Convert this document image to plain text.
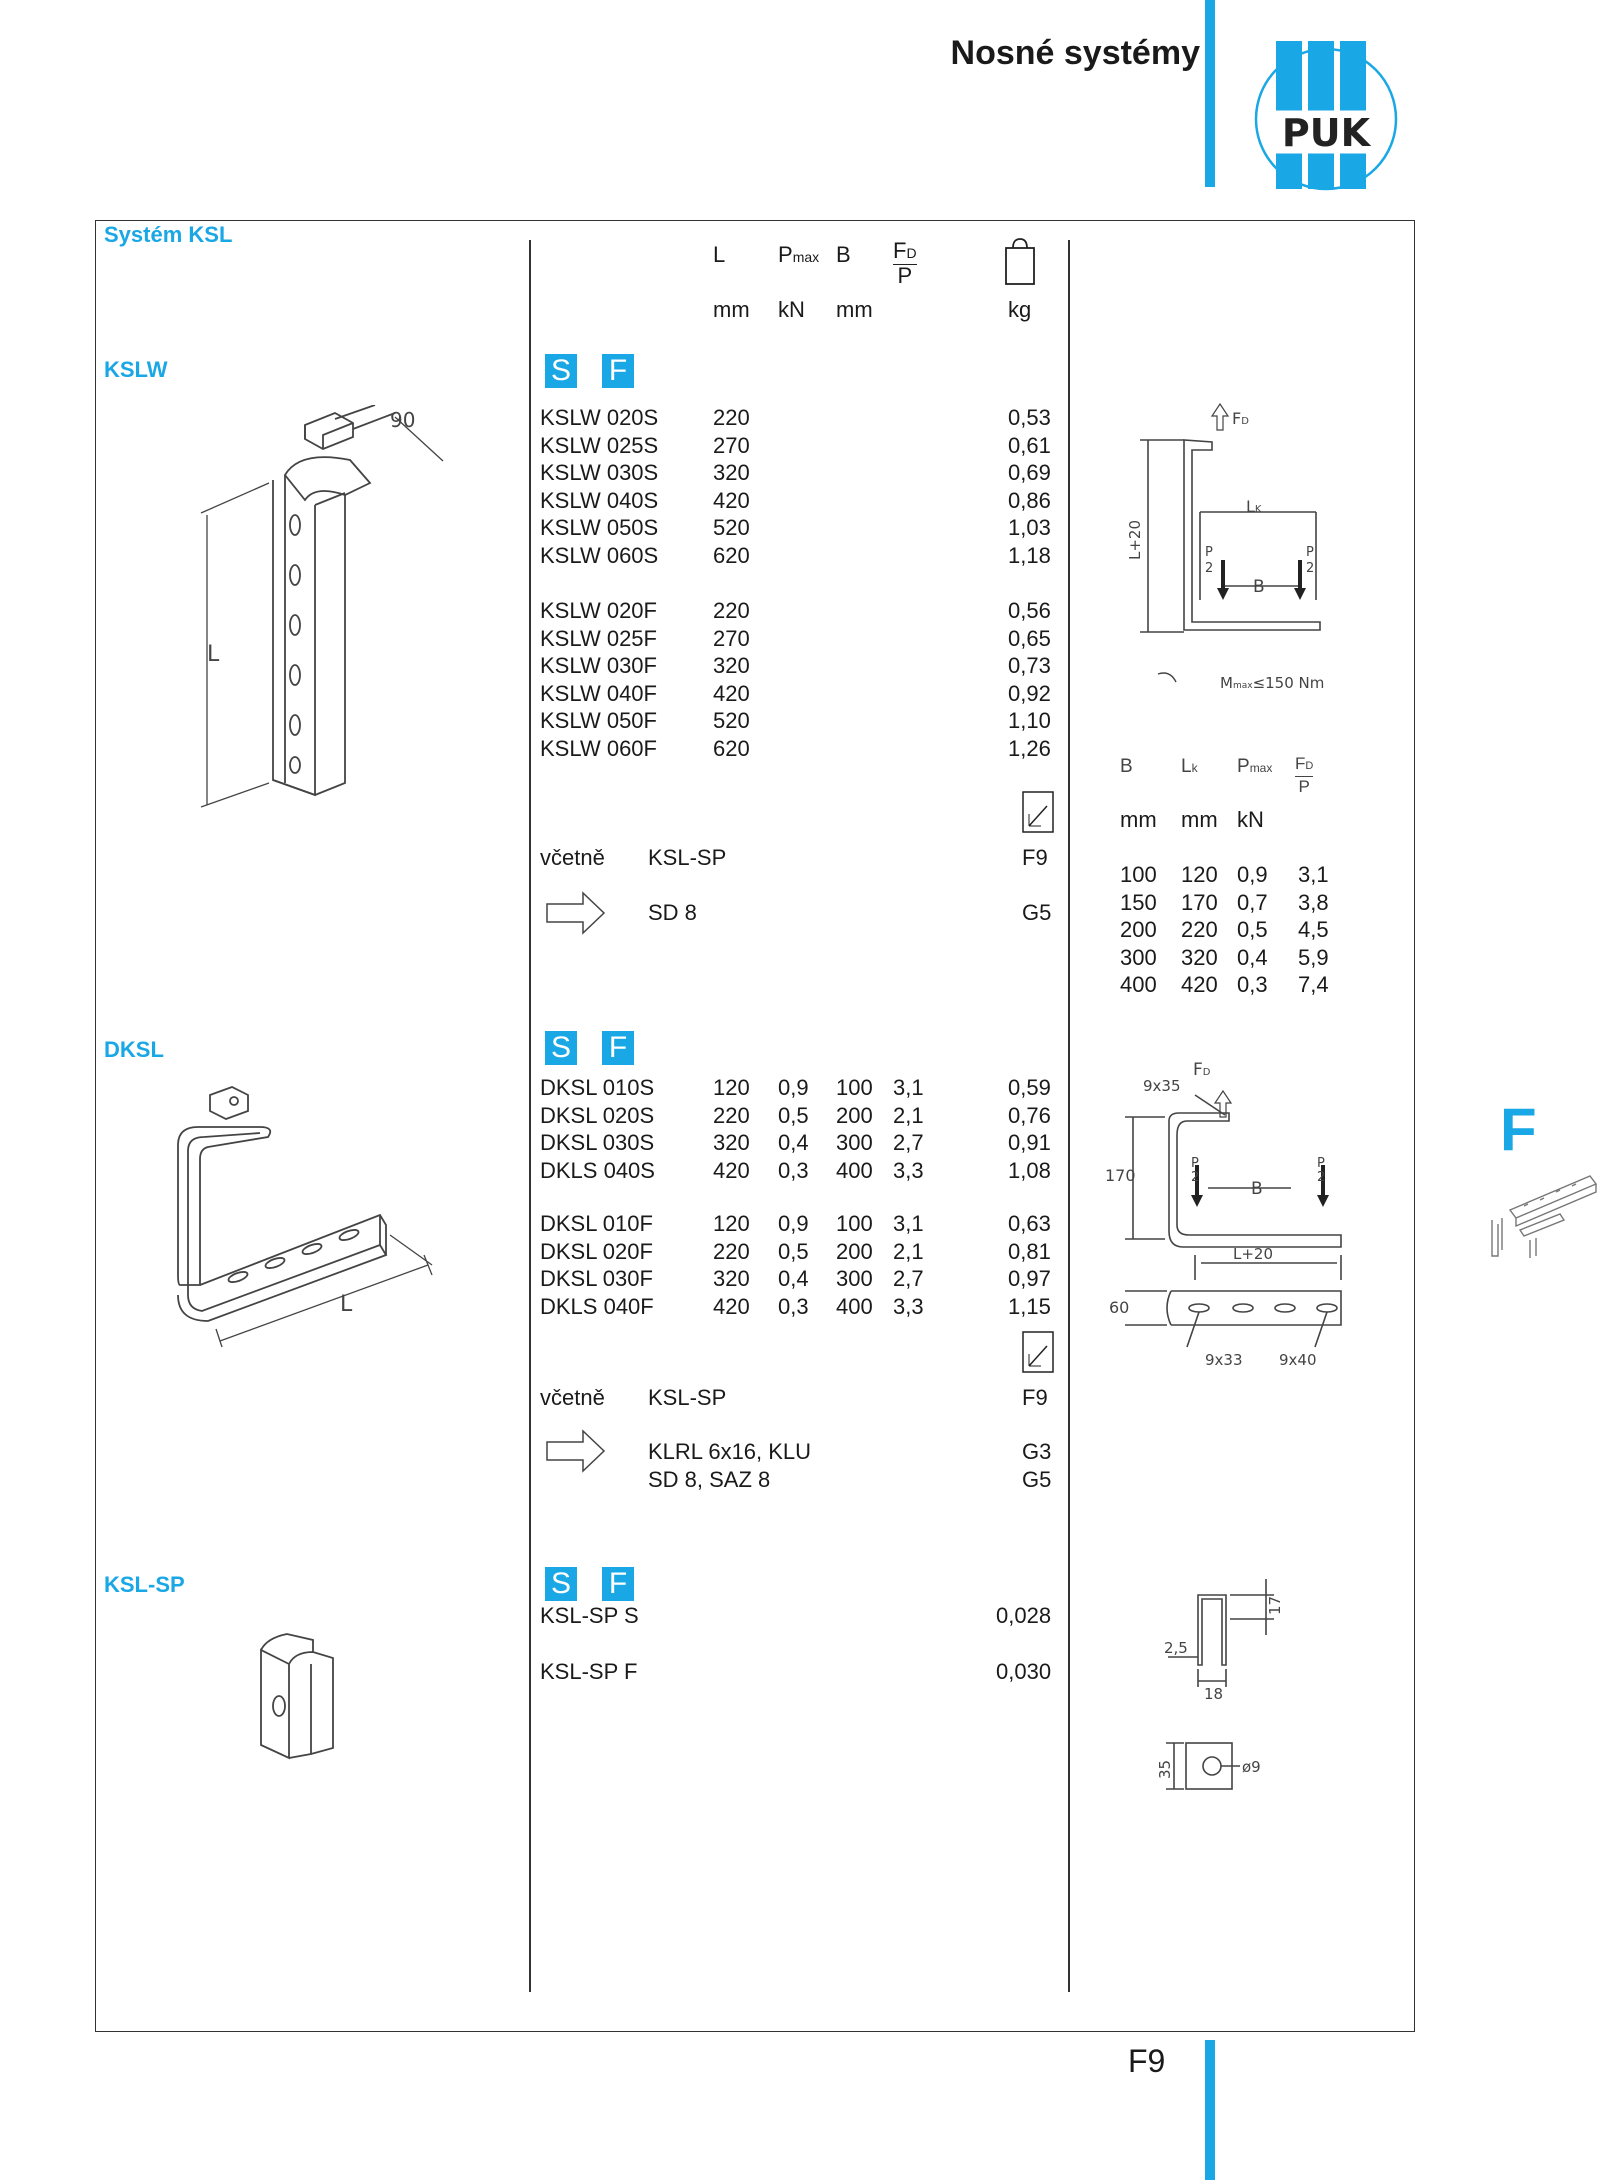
Nosné systémy
PUK
Systém KSL
L Pmax B FD
P
mm kN mm	kg
KSLW	S F
KSLW 020S 220	0,53
KSLW 025S 270	0,61
KSLW 030S 320	0,69
KSLW 040S 420	0,86
KSLW 050S 520	1,03
KSLW 060S 620	1,18
KSLW 020F	220	0,56
KSLW 025F	270	0,65
KSLW 030F	320	0,73
KSLW 040F	420	0,92
KSLW 050F	520	1,10
KSLW 060F	620	1,26
včetně KSL-SP	F9
SD 8	G5
90
L
FD
LK
L+20
B
P
2
P
2
Mmax≤150 Nm
B	Lk Pmax FD
P
mm mm kN
100 120 0,9 3,1
150 170 0,7 3,8
200 220 0,5 4,5
300 320 0,4 5,9
400 420 0,3 7,4
DKSL	S F
DKSL 010S	120 0,9 100 3,1	0,59
DKSL 020S	220 0,5 200 2,1	0,76
DKSL 030S	320 0,4 300 2,7	0,91
DKLS 040S	420 0,3 400 3,3	1,08
DKSL 010F	120 0,9 100 3,1	0,63
DKSL 020F	220 0,5 200 2,1	0,81
DKSL 030F	320 0,4 300 2,7	0,97
DKLS 040F	420 0,3 400 3,3	1,15
včetně KSL-SP	F9
KLRL 6x16, KLU	G3
SD 8, SAZ 8	G5
L
9x35
FD
170
P
2
P
2
B
L+20
60
9x33 9x40
KSL-SP	S F
KSL-SP S	0,028
KSL-SP F	0,030
17
2,5
18
35	ø9
F
F9
